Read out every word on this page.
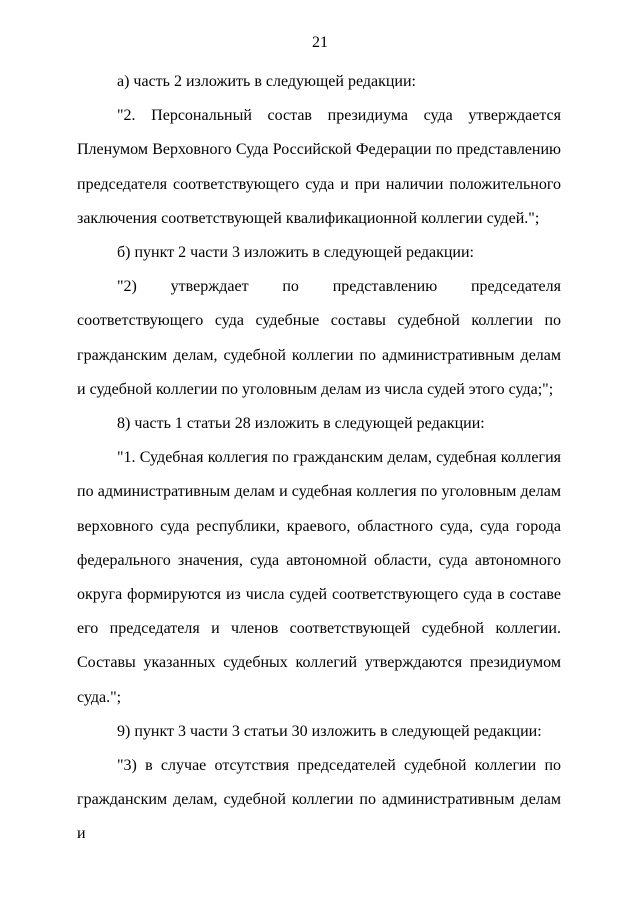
21

а) часть 2 изложить в следующей редакции:

"2. Персональный состав президиума суда утверждается Пленумом Верховного Суда Российской Федерации по представлению председателя соответствующего суда и при наличии положительного заключения соответствующей квалификационной коллегии судей.";

б) пункт 2 части 3 изложить в следующей редакции:

"2) утверждает по представлению председателя соответствующего суда судебные составы судебной коллегии по гражданским делам, судебной коллегии по административным делам и судебной коллегии по уголовным делам из числа судей этого суда;";

8) часть 1 статьи 28 изложить в следующей редакции:

"1. Судебная коллегия по гражданским делам, судебная коллегия по административным делам и судебная коллегия по уголовным делам верховного суда республики, краевого, областного суда, суда города федерального значения, суда автономной области, суда автономного округа формируются из числа судей соответствующего суда в составе его председателя и членов соответствующей судебной коллегии. Составы указанных судебных коллегий утверждаются президиумом суда.";

9) пункт 3 части 3 статьи 30 изложить в следующей редакции:

"3) в случае отсутствия председателей судебной коллегии по гражданским делам, судебной коллегии по административным делам и
